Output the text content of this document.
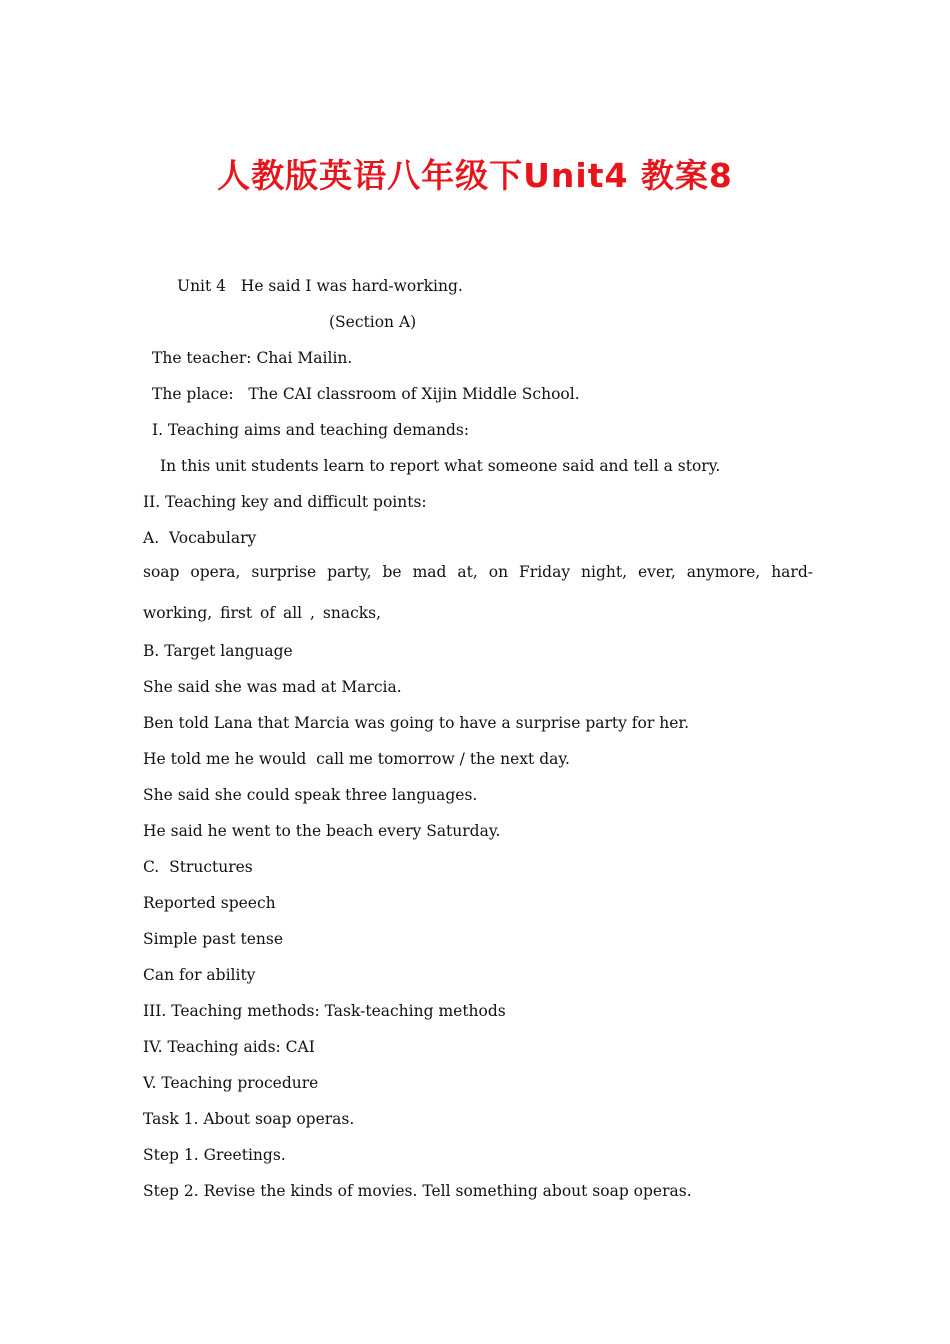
人教版英语八年级下Unit4 教案8

Unit 4   He said I was hard-working.

(Section A)

The teacher: Chai Mailin.

The place:   The CAI classroom of Xijin Middle School.

I. Teaching aims and teaching demands:

In this unit students learn to report what someone said and tell a story.

II. Teaching key and difficult points:

A.  Vocabulary

soap opera, surprise party, be mad at, on Friday night, ever, anymore, hard-working, first of all , snacks,

B. Target language

She said she was mad at Marcia.

Ben told Lana that Marcia was going to have a surprise party for her.

He told me he would  call me tomorrow / the next day.

She said she could speak three languages.

He said he went to the beach every Saturday.

C.  Structures

Reported speech

Simple past tense

Can for ability

III. Teaching methods: Task-teaching methods

IV. Teaching aids: CAI

V. Teaching procedure

Task 1. About soap operas.

Step 1. Greetings.

Step 2. Revise the kinds of movies. Tell something about soap operas.
